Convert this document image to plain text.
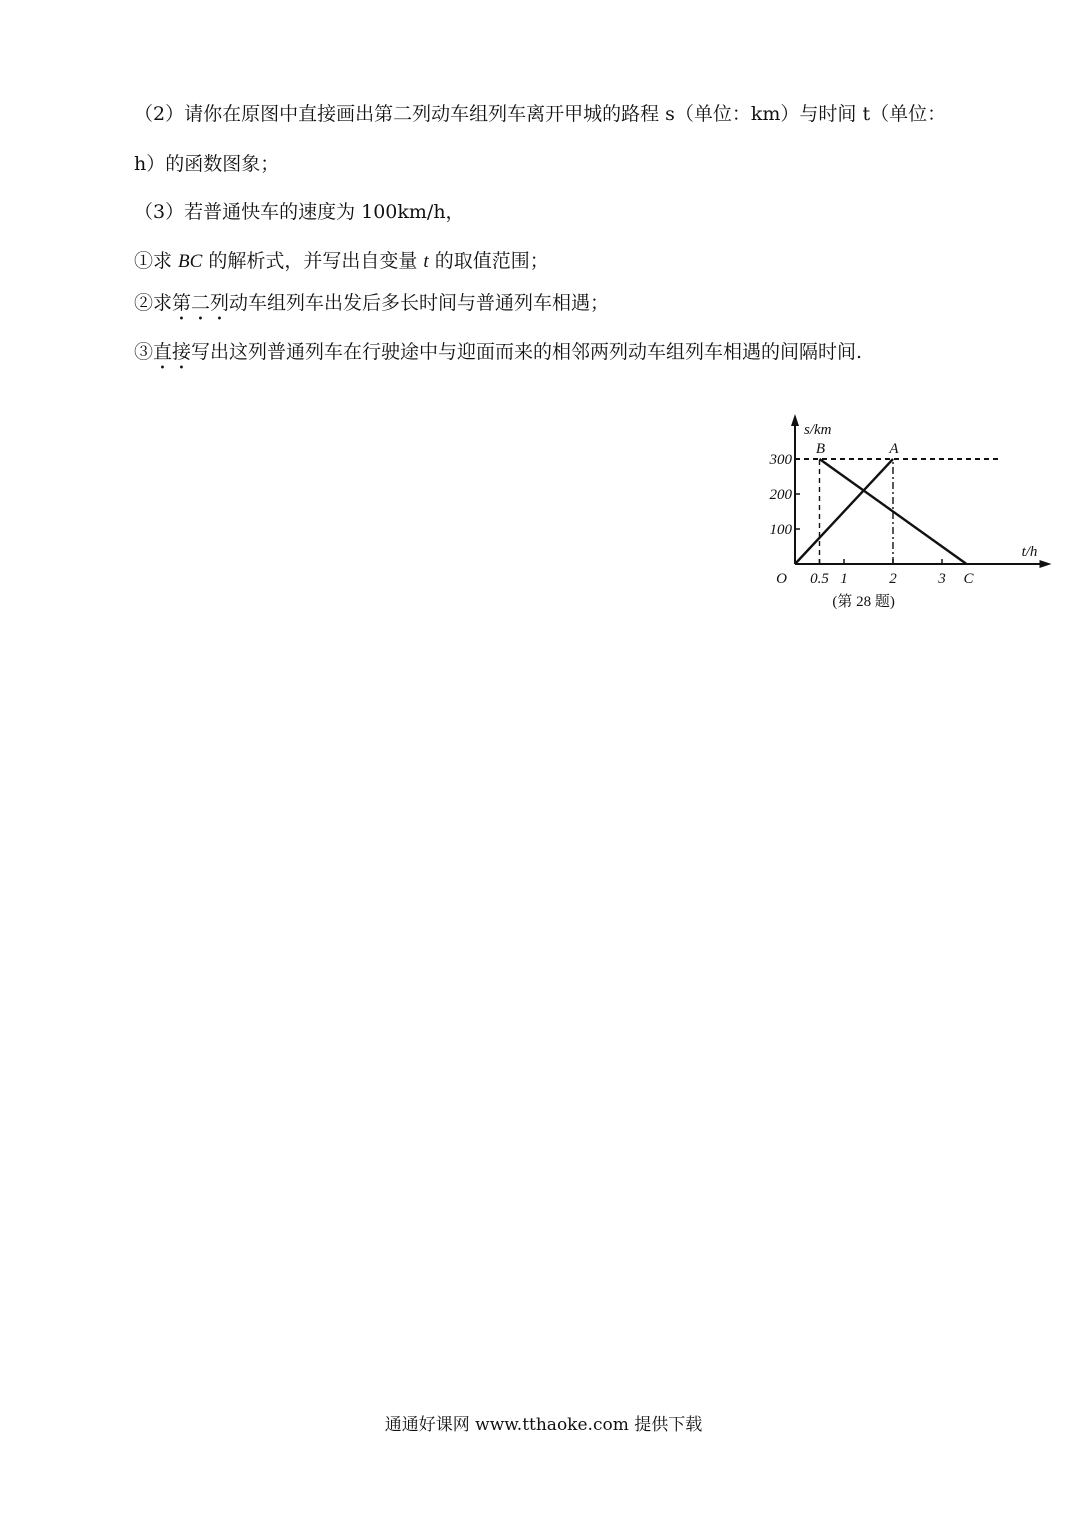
（2）请你在原图中直接画出第二列动车组列车离开甲城的路程 s（单位：km）与时间 t（单位：
h）的函数图象；
（3）若普通快车的速度为 100km/h，
①求 BC 的解析式，并写出自变量 t 的取值范围；
②求第二列动车组列车出发后多长时间与普通列车相遇；
③直接写出这列普通列车在行驶途中与迎面而来的相邻两列动车组列车相遇的间隔时间.
100
200
300
0.5 1	2	3
O
s/km
t/h
B	A
C
(第 28 题)
通通好课网 www.tthaoke.com 提供下载
